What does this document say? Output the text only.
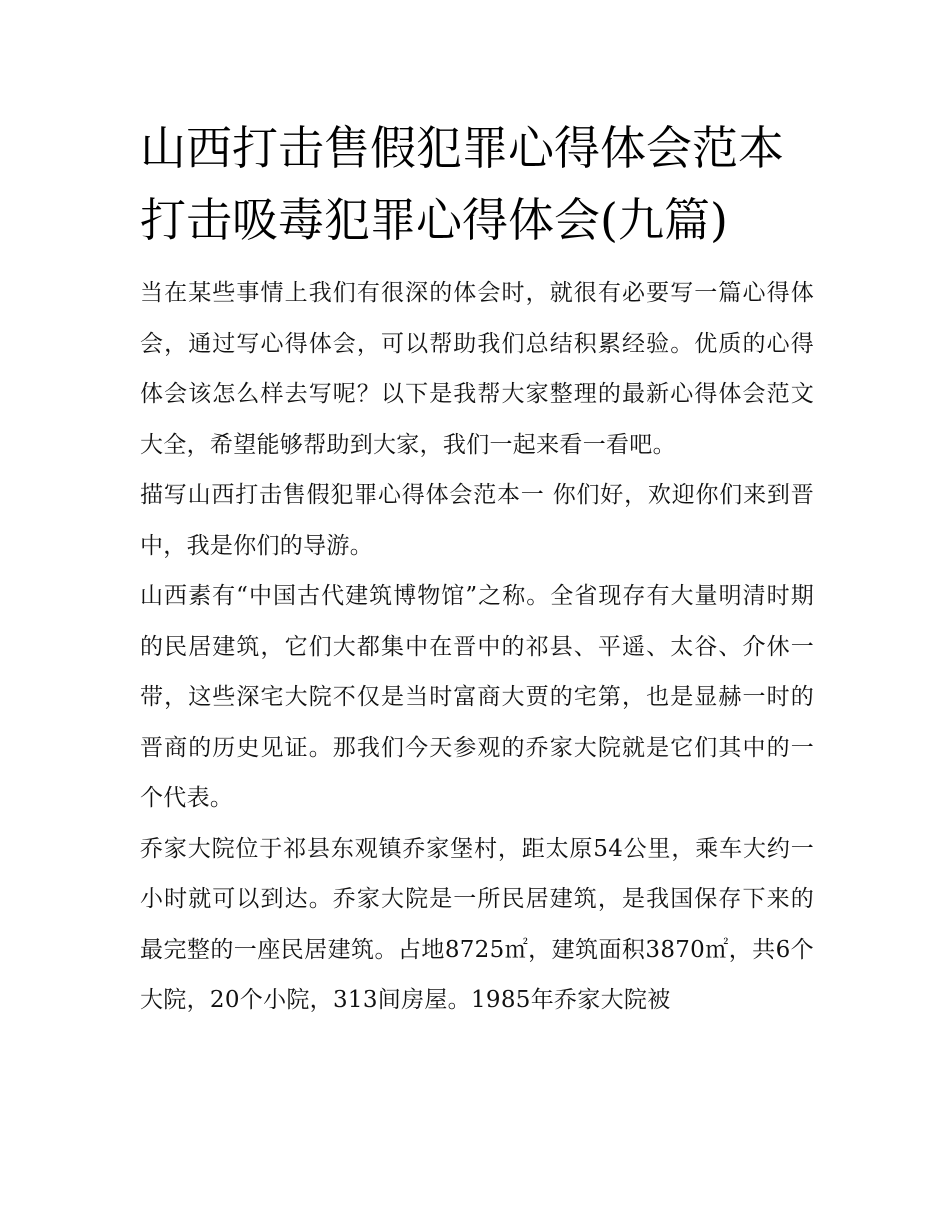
山西打击售假犯罪心得体会范本 打击吸毒犯罪心得体会(九篇)

当在某些事情上我们有很深的体会时，就很有必要写一篇心得体会，通过写心得体会，可以帮助我们总结积累经验。优质的心得体会该怎么样去写呢？以下是我帮大家整理的最新心得体会范文大全，希望能够帮助到大家，我们一起来看一看吧。

描写山西打击售假犯罪心得体会范本一 你们好，欢迎你们来到晋中，我是你们的导游。

山西素有“中国古代建筑博物馆”之称。全省现存有大量明清时期的民居建筑，它们大都集中在晋中的祁县、平遥、太谷、介休一带，这些深宅大院不仅是当时富商大贾的宅第，也是显赫一时的晋商的历史见证。那我们今天参观的乔家大院就是它们其中的一个代表。

乔家大院位于祁县东观镇乔家堡村，距太原54公里，乘车大约一小时就可以到达。乔家大院是一所民居建筑，是我国保存下来的最完整的一座民居建筑。占地8725㎡，建筑面积3870㎡，共6个大院，20个小院，313间房屋。1985年乔家大院被
